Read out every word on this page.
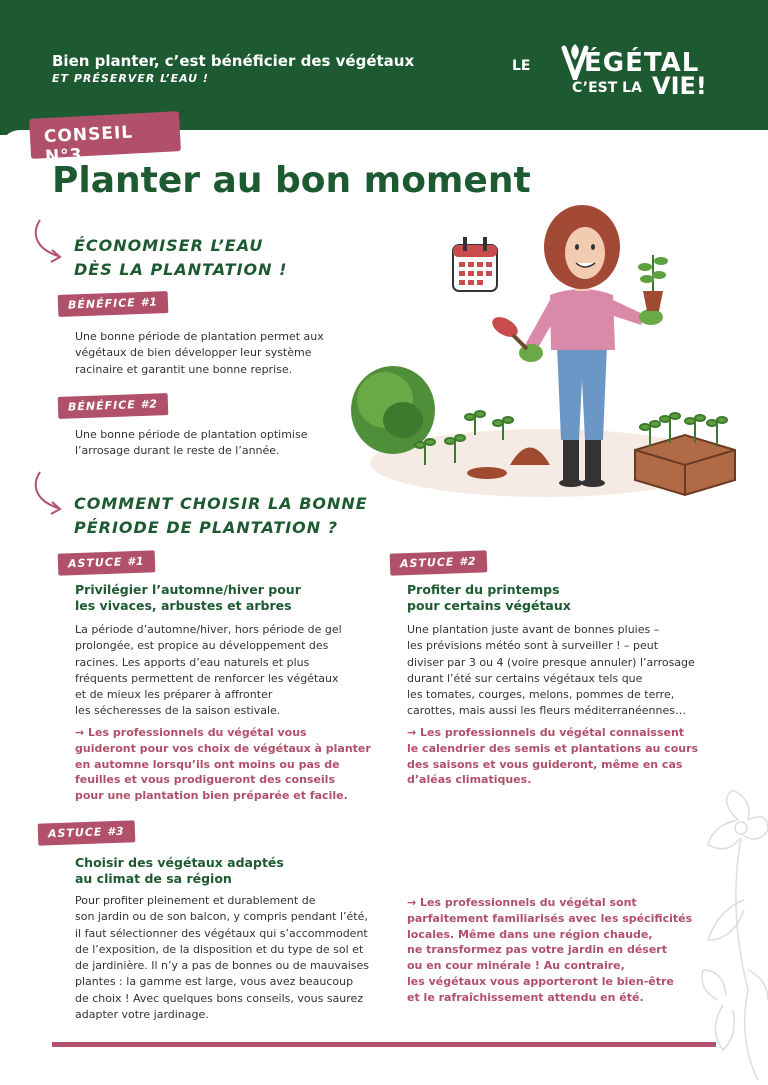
Bien planter, c’est bénéficier des végétaux
ET PRÉSERVER L’EAU !
LE ÉGÉTAL
C’EST LA VIE!
CONSEIL N°3
Planter au bon moment
ÉCONOMISER L’EAU
DÈS LA PLANTATION !
BÉNÉFICE #1
Une bonne période de plantation permet aux
végétaux de bien développer leur système
racinaire et garantit une bonne reprise.
BÉNÉFICE #2
Une bonne période de plantation optimise
l’arrosage durant le reste de l’année.
COMMENT CHOISIR LA BONNE
PÉRIODE DE PLANTATION ?
ASTUCE #1
Privilégier l’automne/hiver pour
les vivaces, arbustes et arbres
La période d’automne/hiver, hors période de gel
prolongée, est propice au développement des
racines. Les apports d’eau naturels et plus
fréquents permettent de renforcer les végétaux
et de mieux les préparer à affronter
les sécheresses de la saison estivale.
→ Les professionnels du végétal vous
guideront pour vos choix de végétaux à planter
en automne lorsqu’ils ont moins ou pas de
feuilles et vous prodigueront des conseils
pour une plantation bien préparée et facile.
ASTUCE #2
Profiter du printemps
pour certains végétaux
Une plantation juste avant de bonnes pluies –
les prévisions météo sont à surveiller ! – peut
diviser par 3 ou 4 (voire presque annuler) l’arrosage
durant l’été sur certains végétaux tels que
les tomates, courges, melons, pommes de terre,
carottes, mais aussi les fleurs méditerranéennes…
→ Les professionnels du végétal connaissent
le calendrier des semis et plantations au cours
des saisons et vous guideront, même en cas
d’aléas climatiques.
ASTUCE #3
Choisir des végétaux adaptés
au climat de sa région
Pour profiter pleinement et durablement de
son jardin ou de son balcon, y compris pendant l’été,
il faut sélectionner des végétaux qui s’accommodent
de l’exposition, de la disposition et du type de sol et
de jardinière. Il n’y a pas de bonnes ou de mauvaises
plantes : la gamme est large, vous avez beaucoup
de choix ! Avec quelques bons conseils, vous saurez
adapter votre jardinage.
→ Les professionnels du végétal sont
parfaitement familiarisés avec les spécificités
locales. Même dans une région chaude,
ne transformez pas votre jardin en désert
ou en cour minérale ! Au contraire,
les végétaux vous apporteront le bien-être
et le rafraîchissement attendu en été.
